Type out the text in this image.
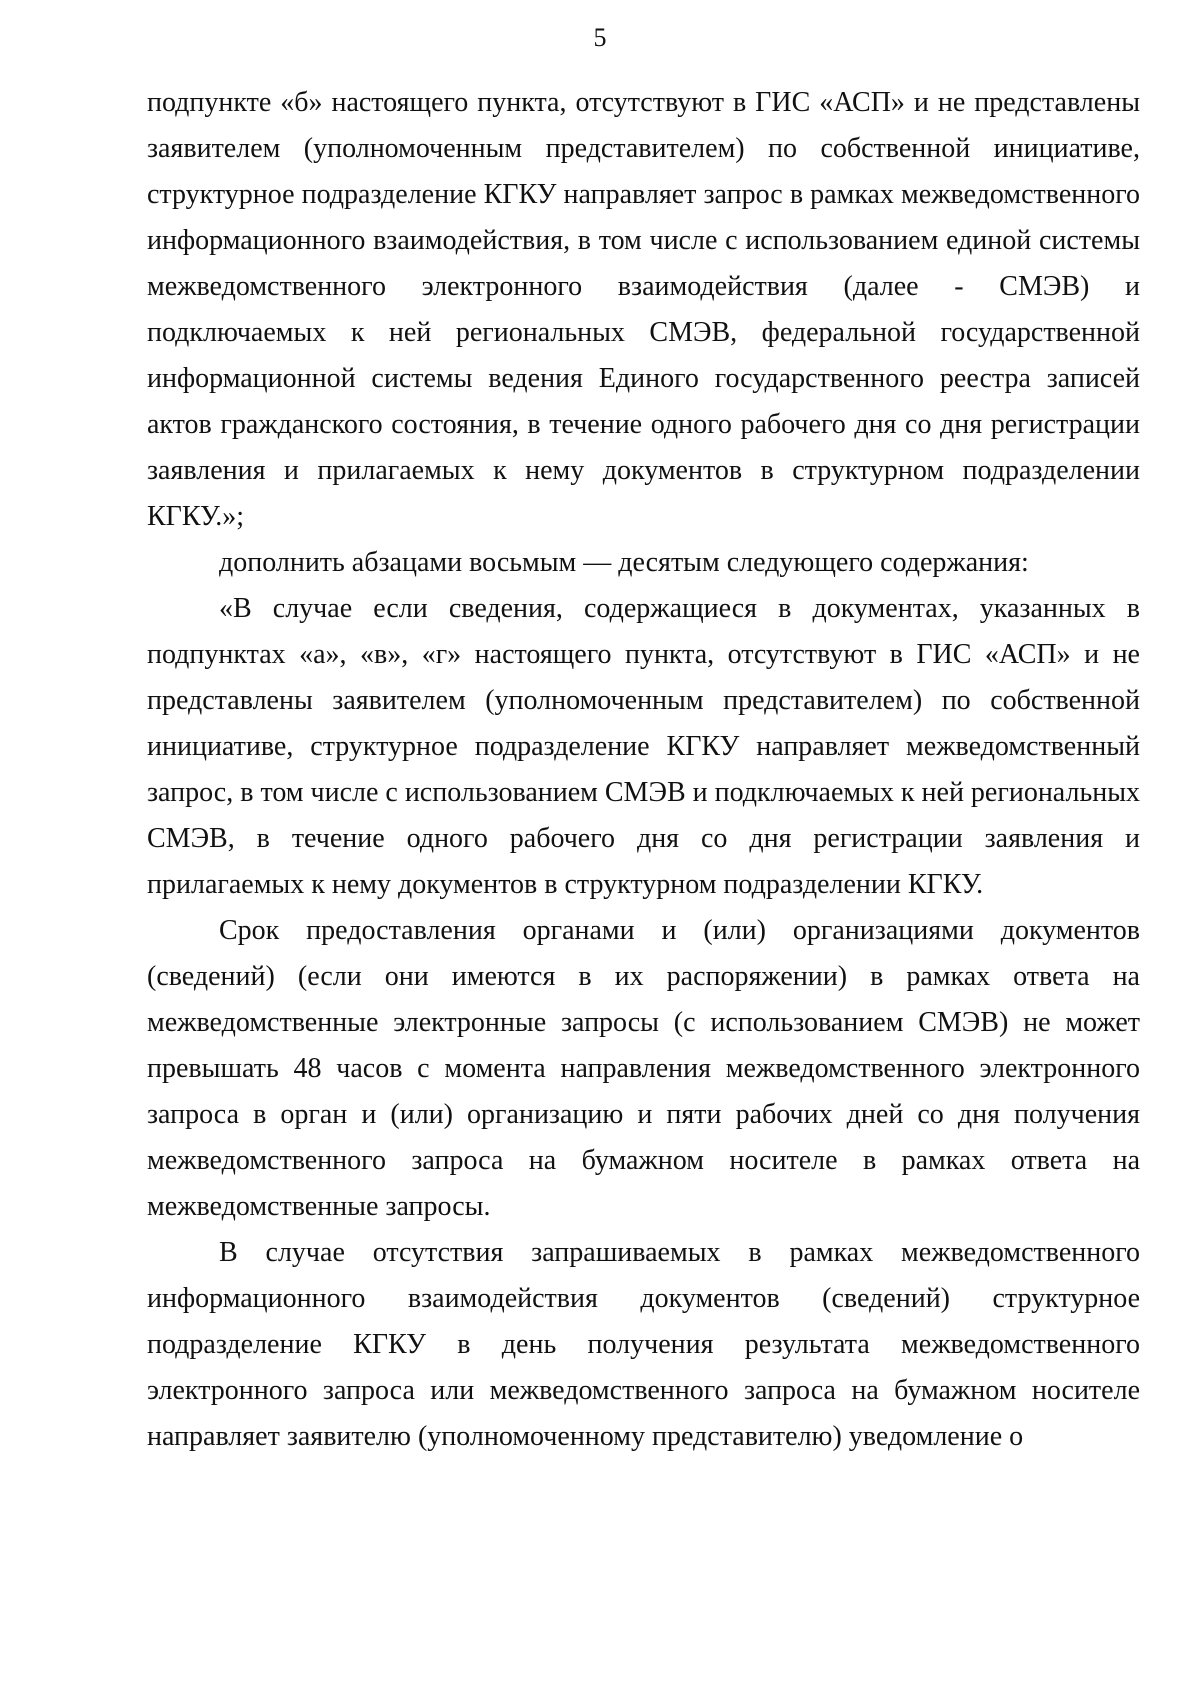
5

подпункте «б» настоящего пункта, отсутствуют в ГИС «АСП» и не представлены заявителем (уполномоченным представителем) по собственной инициативе, структурное подразделение КГКУ направляет запрос в рамках межведомственного информационного взаимодействия, в том числе с использованием единой системы межведомственного электронного взаимодействия (далее - СМЭВ) и подключаемых к ней региональных СМЭВ, федеральной государственной информационной системы ведения Единого государственного реестра записей актов гражданского состояния, в течение одного рабочего дня со дня регистрации заявления и прилагаемых к нему документов в структурном подразделении КГКУ.»;

дополнить абзацами восьмым — десятым следующего содержания:

«В случае если сведения, содержащиеся в документах, указанных в подпунктах «а», «в», «г» настоящего пункта, отсутствуют в ГИС «АСП» и не представлены заявителем (уполномоченным представителем) по собственной инициативе, структурное подразделение КГКУ направляет межведомственный запрос, в том числе с использованием СМЭВ и подключаемых к ней региональных СМЭВ, в течение одного рабочего дня со дня регистрации заявления и прилагаемых к нему документов в структурном подразделении КГКУ.

Срок предоставления органами и (или) организациями документов (сведений) (если они имеются в их распоряжении) в рамках ответа на межведомственные электронные запросы (с использованием СМЭВ) не может превышать 48 часов с момента направления межведомственного электронного запроса в орган и (или) организацию и пяти рабочих дней со дня получения межведомственного запроса на бумажном носителе в рамках ответа на межведомственные запросы.

В случае отсутствия запрашиваемых в рамках межведомственного информационного взаимодействия документов (сведений) структурное подразделение КГКУ в день получения результата межведомственного электронного запроса или межведомственного запроса на бумажном носителе направляет заявителю (уполномоченному представителю) уведомление о
